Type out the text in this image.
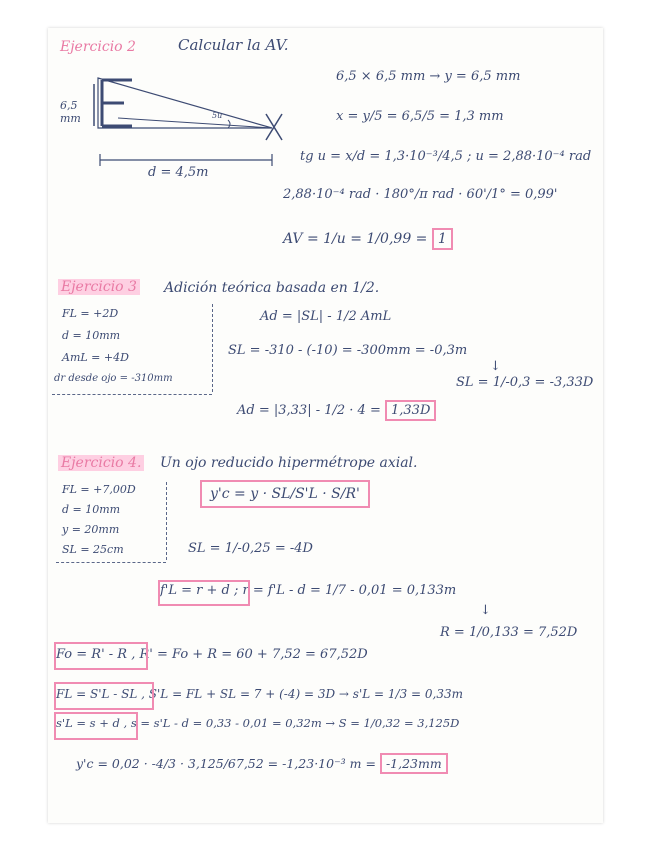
Ejercicio 2	Calcular la AV.
6,5
mm	5u
d = 4,5m
6,5 × 6,5 mm → y = 6,5 mm
x = y/5 = 6,5/5 = 1,3 mm
tg u = x/d = 1,3·10⁻³/4,5 ; u = 2,88·10⁻⁴ rad
2,88·10⁻⁴ rad · 180°/π rad · 60'/1° = 0,99'
AV = 1/u = 1/0,99 = 1
Ejercicio 3 Adición teórica basada en 1/2.
FL = +2D
d = 10mm
AmL = +4D
dr desde ojo = -310mm
Ad = |SL| - 1/2 AmL
SL = -310 - (-10) = -300mm = -0,3m
↓
SL = 1/-0,3 = -3,33D
Ad = |3,33| - 1/2 · 4 = 1,33D
Ejercicio 4. Un ojo reducido hipermétrope axial.
FL = +7,00D
d = 10mm
y = 20mm
SL = 25cm
y'c = y · SL/S'L · S/R'
SL = 1/-0,25 = -4D
f'L = r + d ; r = f'L - d = 1/7 - 0,01 = 0,133m
↓
R = 1/0,133 = 7,52D
Fo = R' - R , R' = Fo + R = 60 + 7,52 = 67,52D
FL = S'L - SL , S'L = FL + SL = 7 + (-4) = 3D → s'L = 1/3 = 0,33m
s'L = s + d , s = s'L - d = 0,33 - 0,01 = 0,32m → S = 1/0,32 = 3,125D
y'c = 0,02 · -4/3 · 3,125/67,52 = -1,23·10⁻³ m = -1,23mm
